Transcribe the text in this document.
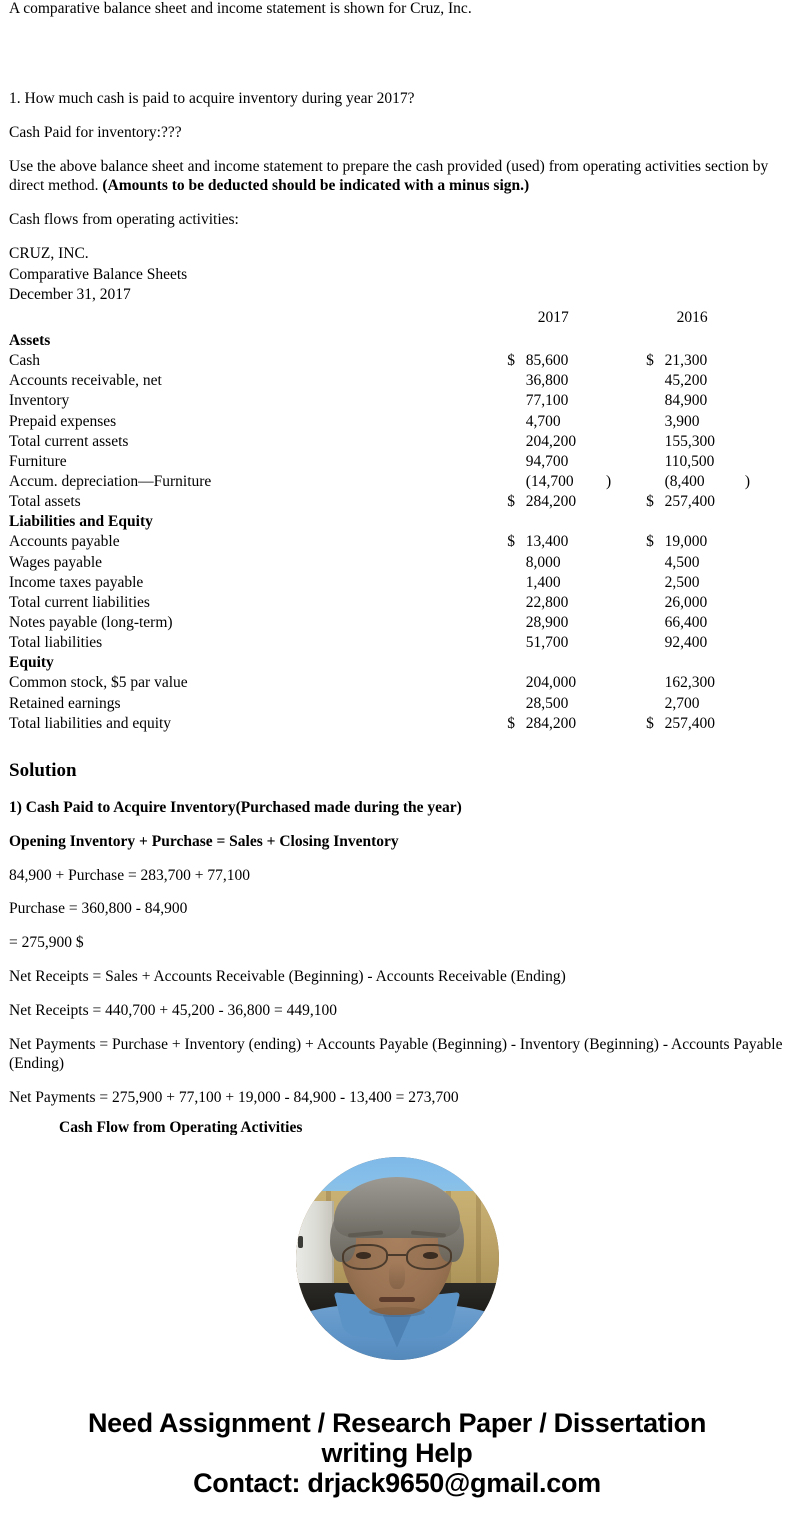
A comparative balance sheet and income statement is shown for Cruz, Inc.

1. How much cash is paid to acquire inventory during year 2017?

Cash Paid for inventory:???

Use the above balance sheet and income statement to prepare the cash provided (used) from operating activities section by direct method. (Amounts to be deducted should be indicated with a minus sign.)

Cash flows from operating activities:

CRUZ, INC.
Comparative Balance Sheets
December 31, 2017
		2017			2016	
Assets						
Cash	$	85,600		$	21,300	
Accounts receivable, net		36,800			45,200	
Inventory		77,100			84,900	
Prepaid expenses		4,700			3,900	
Total current assets		204,200			155,300	
Furniture		94,700			110,500	
Accum. depreciation—Furniture		(14,700	)		(8,400	)
Total assets	$	284,200		$	257,400	
Liabilities and Equity						
Accounts payable	$	13,400		$	19,000	
Wages payable		8,000			4,500	
Income taxes payable		1,400			2,500	
Total current liabilities		22,800			26,000	
Notes payable (long-term)		28,900			66,400	
Total liabilities		51,700			92,400	
Equity						
Common stock, $5 par value		204,000			162,300	
Retained earnings		28,500			2,700	
Total liabilities and equity	$	284,200		$	257,400	
Solution

1) Cash Paid to Acquire Inventory(Purchased made during the year)

Opening Inventory + Purchase = Sales + Closing Inventory

84,900 + Purchase = 283,700 + 77,100

Purchase = 360,800 - 84,900

= 275,900 $

Net Receipts = Sales + Accounts Receivable (Beginning) - Accounts Receivable (Ending)

Net Receipts = 440,700 + 45,200 - 36,800 = 449,100

Net Payments = Purchase + Inventory (ending) + Accounts Payable (Beginning) - Inventory (Beginning) - Accounts Payable (Ending)

Net Payments = 275,900 + 77,100 + 19,000 - 84,900 - 13,400 = 273,700

Cash Flow from Operating Activities
Need Assignment / Research Paper / Dissertation
writing Help
Contact: drjack9650@gmail.com
